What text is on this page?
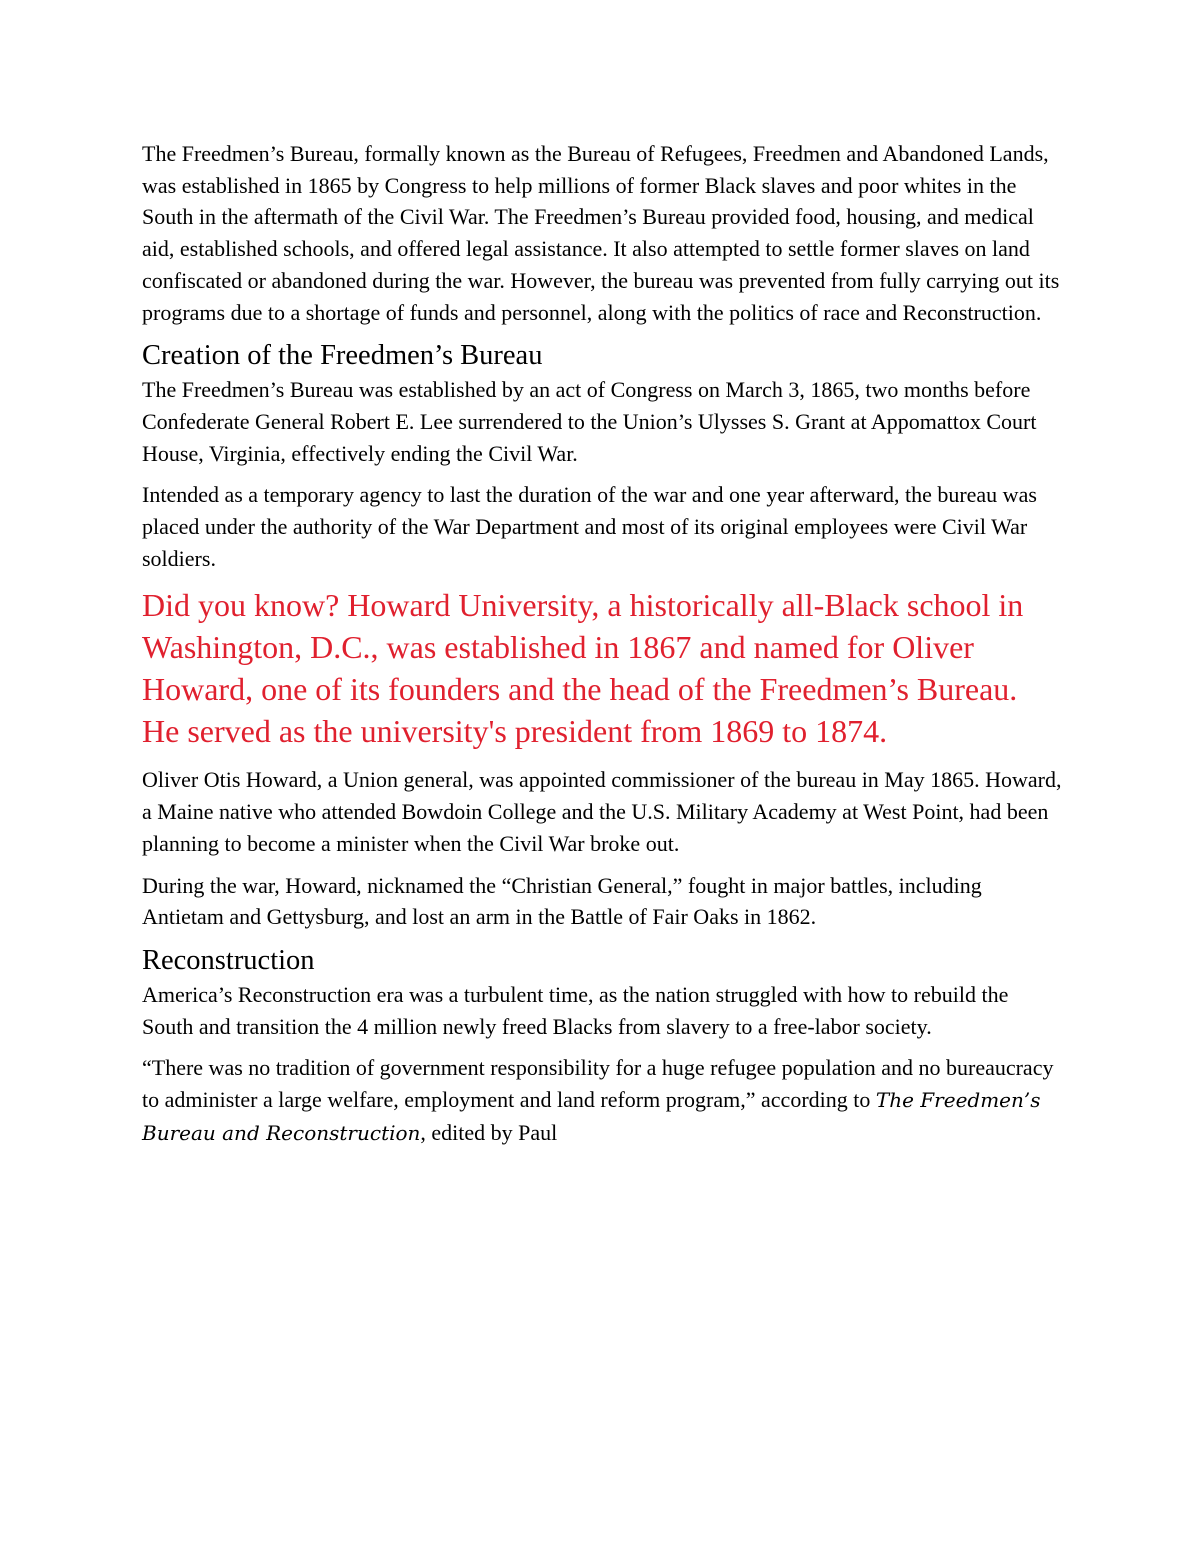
The Freedmen’s Bureau, formally known as the Bureau of Refugees, Freedmen and Abandoned Lands, was established in 1865 by Congress to help millions of former Black slaves and poor whites in the South in the aftermath of the Civil War. The Freedmen’s Bureau provided food, housing, and medical aid, established schools, and offered legal assistance. It also attempted to settle former slaves on land confiscated or abandoned during the war. However, the bureau was prevented from fully carrying out its programs due to a shortage of funds and personnel, along with the politics of race and Reconstruction.

Creation of the Freedmen’s Bureau

The Freedmen’s Bureau was established by an act of Congress on March 3, 1865, two months before Confederate General Robert E. Lee surrendered to the Union’s Ulysses S. Grant at Appomattox Court House, Virginia, effectively ending the Civil War.

Intended as a temporary agency to last the duration of the war and one year afterward, the bureau was placed under the authority of the War Department and most of its original employees were Civil War soldiers.

Did you know? Howard University, a historically all-Black school in Washington, D.C., was established in 1867 and named for Oliver Howard, one of its founders and the head of the Freedmen’s Bureau. He served as the university's president from 1869 to 1874.

Oliver Otis Howard, a Union general, was appointed commissioner of the bureau in May 1865. Howard, a Maine native who attended Bowdoin College and the U.S. Military Academy at West Point, had been planning to become a minister when the Civil War broke out.

During the war, Howard, nicknamed the “Christian General,” fought in major battles, including Antietam and Gettysburg, and lost an arm in the Battle of Fair Oaks in 1862.

Reconstruction

America’s Reconstruction era was a turbulent time, as the nation struggled with how to rebuild the South and transition the 4 million newly freed Blacks from slavery to a free-labor society.

“There was no tradition of government responsibility for a huge refugee population and no bureaucracy to administer a large welfare, employment and land reform program,” according to The Freedmen’s Bureau and Reconstruction, edited by Paul
